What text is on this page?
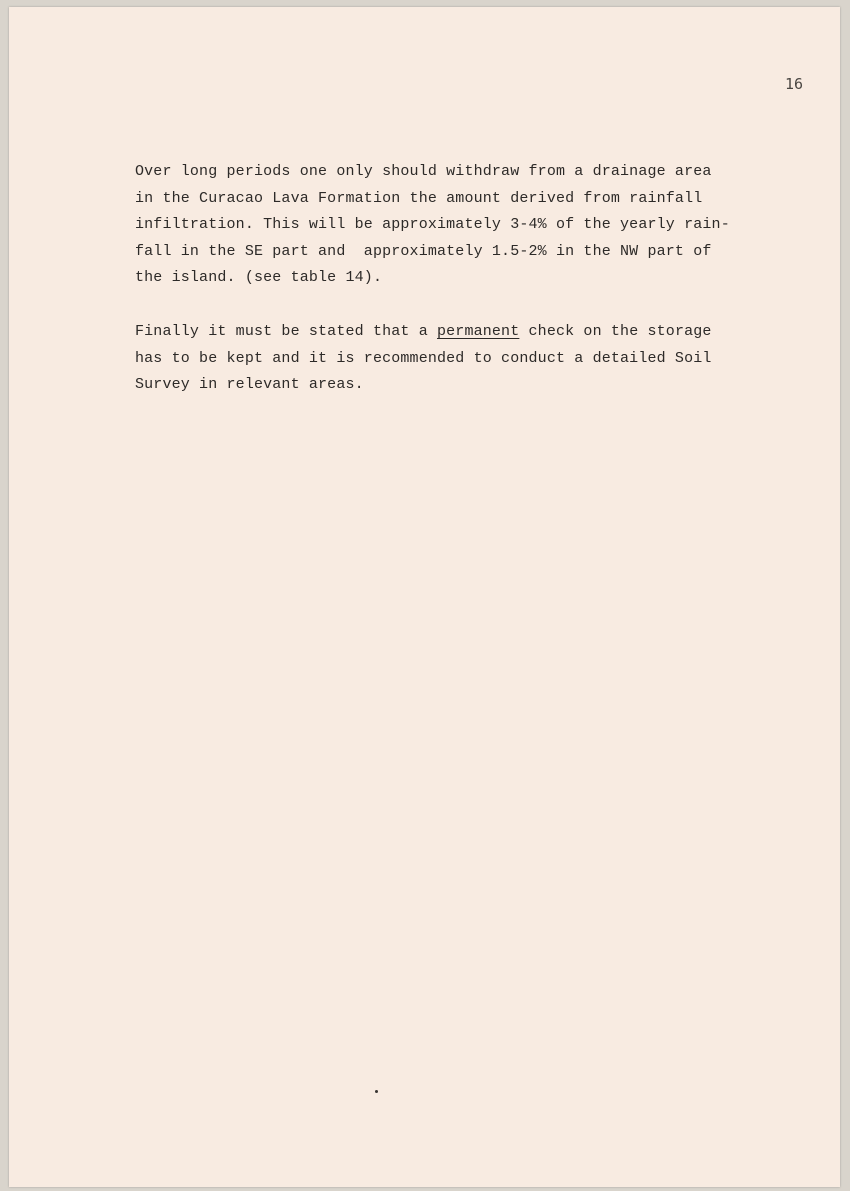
16
Over long periods one only should withdraw from a drainage area
in the Curacao Lava Formation the amount derived from rainfall
infiltration. This will be approximately 3-4% of the yearly rain-
fall in the SE part and  approximately 1.5-2% in the NW part of
the island. (see table 14).
Finally it must be stated that a permanent check on the storage
has to be kept and it is recommended to conduct a detailed Soil
Survey in relevant areas.
